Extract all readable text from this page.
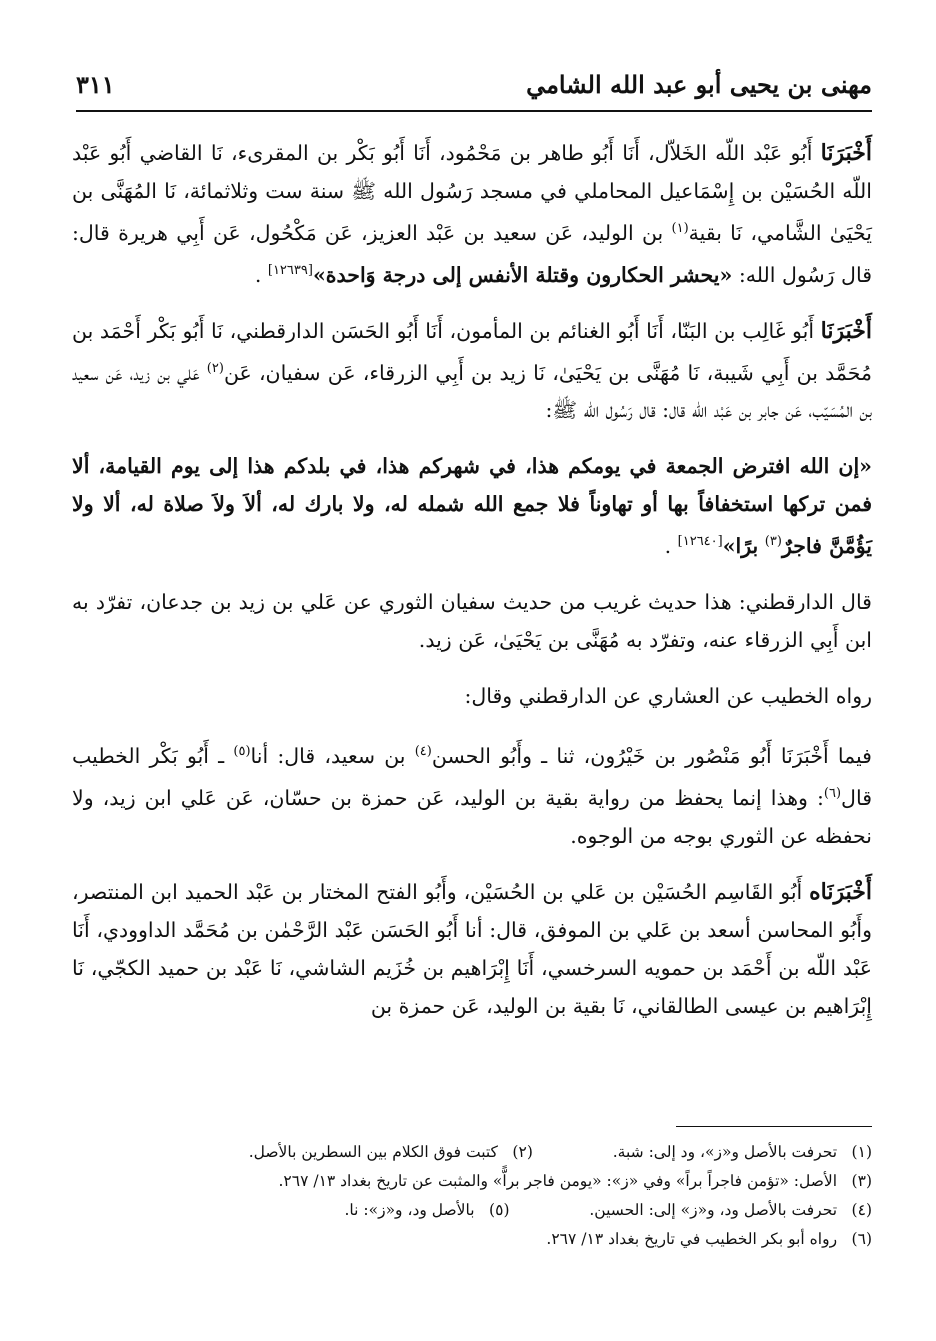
مهنى بن يحيى أبو عبد الله الشامي
٣١١

أَخْبَرَنَا أَبُو عَبْد اللّه الخَلاّل، أَنَا أَبُو طاهر بن مَحْمُود، أَنَا أَبُو بَكْر بن المقرىء، نَا القاضي أَبُو عَبْد اللّه الحُسَيْن بن إِسْمَاعيل المحاملي في مسجد رَسُول الله ﷺ سنة ست وثلاثمائة، نَا المُهَنَّى بن يَحْيَىٰ الشَّامي، نَا بقية$^{(١)}$ بن الوليد، عَن سعيد بن عَبْد العزيز، عَن مَكْحُول، عَن أَبِي هريرة قال: قال رَسُول الله: «يحشر الحكارون وقتلة الأنفس إلى درجة وَاحدة»[١٢٦٣٩] .

أَخْبَرَنَا أَبُو غَالِب بن البَنّا، أَنَا أَبُو الغنائم بن المأمون، أَنَا أَبُو الحَسَن الدارقطني، نَا أَبُو بَكْر أَحْمَد بن مُحَمَّد بن أَبِي شَيبة، نَا مُهَنَّى بن يَحْيَىٰ، نَا زيد بن أَبِي الزرقاء، عَن سفيان، عَن$^{(٢)}$ عَلي بن زيد، عَن سعيد بن المُسَيّب، عَن جابر بن عَبْد اللّه قال: قال رَسُول الله ﷺ:

«إن الله افترض الجمعة في يومكم هذا، في شهركم هذا، في بلدكم هذا إلى يوم القيامة، ألا فمن تركها استخفافاً بها أو تهاوناً فلا جمع الله شمله له، ولا بارك له، ألاَ ولاَ صلاة له، ألا ولا يَؤُمَّنَّ فاجرٌ$^{(٣)}$ برًا»[١٢٦٤٠] .

قال الدارقطني: هذا حديث غريب من حديث سفيان الثوري عن عَلي بن زيد بن جدعان، تفرّد به ابن أَبِي الزرقاء عنه، وتفرّد به مُهَنَّى بن يَحْيَىٰ، عَن زيد.

رواه الخطيب عن العشاري عن الدارقطني وقال:

فيما أَخْبَرَنَا أَبُو مَنْصُور بن خَيْرُون، ثنا ـ وأَبُو الحسن$^{(٤)}$ بن سعيد، قال: أنا$^{(٥)}$ ـ أَبُو بَكْر الخطيب قال$^{(٦)}$: وهذا إنما يحفظ من رواية بقية بن الوليد، عَن حمزة بن حسّان، عَن عَلي ابن زيد، ولا نحفظه عن الثوري بوجه من الوجوه.

أَخْبَرَنَاه أَبُو القَاسِم الحُسَيْن بن عَلي بن الحُسَيْن، وأَبُو الفتح المختار بن عَبْد الحميد ابن المنتصر، وأَبُو المحاسن أسعد بن عَلي بن الموفق، قال: أنا أَبُو الحَسَن عَبْد الرَّحْمٰن بن مُحَمَّد الداوودي، أَنَا عَبْد اللّه بن أَحْمَد بن حمويه السرخسي، أَنَا إِبْرَاهيم بن خُزَيم الشاشي، نَا عَبْد بن حميد الكجّي، نَا إِبْرَاهيم بن عيسى الطالقاني، نَا بقية بن الوليد، عَن حمزة بن

(١) تحرفت بالأصل و«ز»، ود إلى: شبة.  (٢) كتبت فوق الكلام بين السطرين بالأصل.
(٣) الأصل: «تؤمن فاجراً براً» وفي «ز»: «يومن فاجر براًّ» والمثبت عن تاريخ بغداد ١٣/ ٢٦٧.
(٤) تحرفت بالأصل ود، و«ز» إلى: الحسين.  (٥) بالأصل ود، و«ز»: نا.
(٦) رواه أبو بكر الخطيب في تاريخ بغداد ١٣/ ٢٦٧.
